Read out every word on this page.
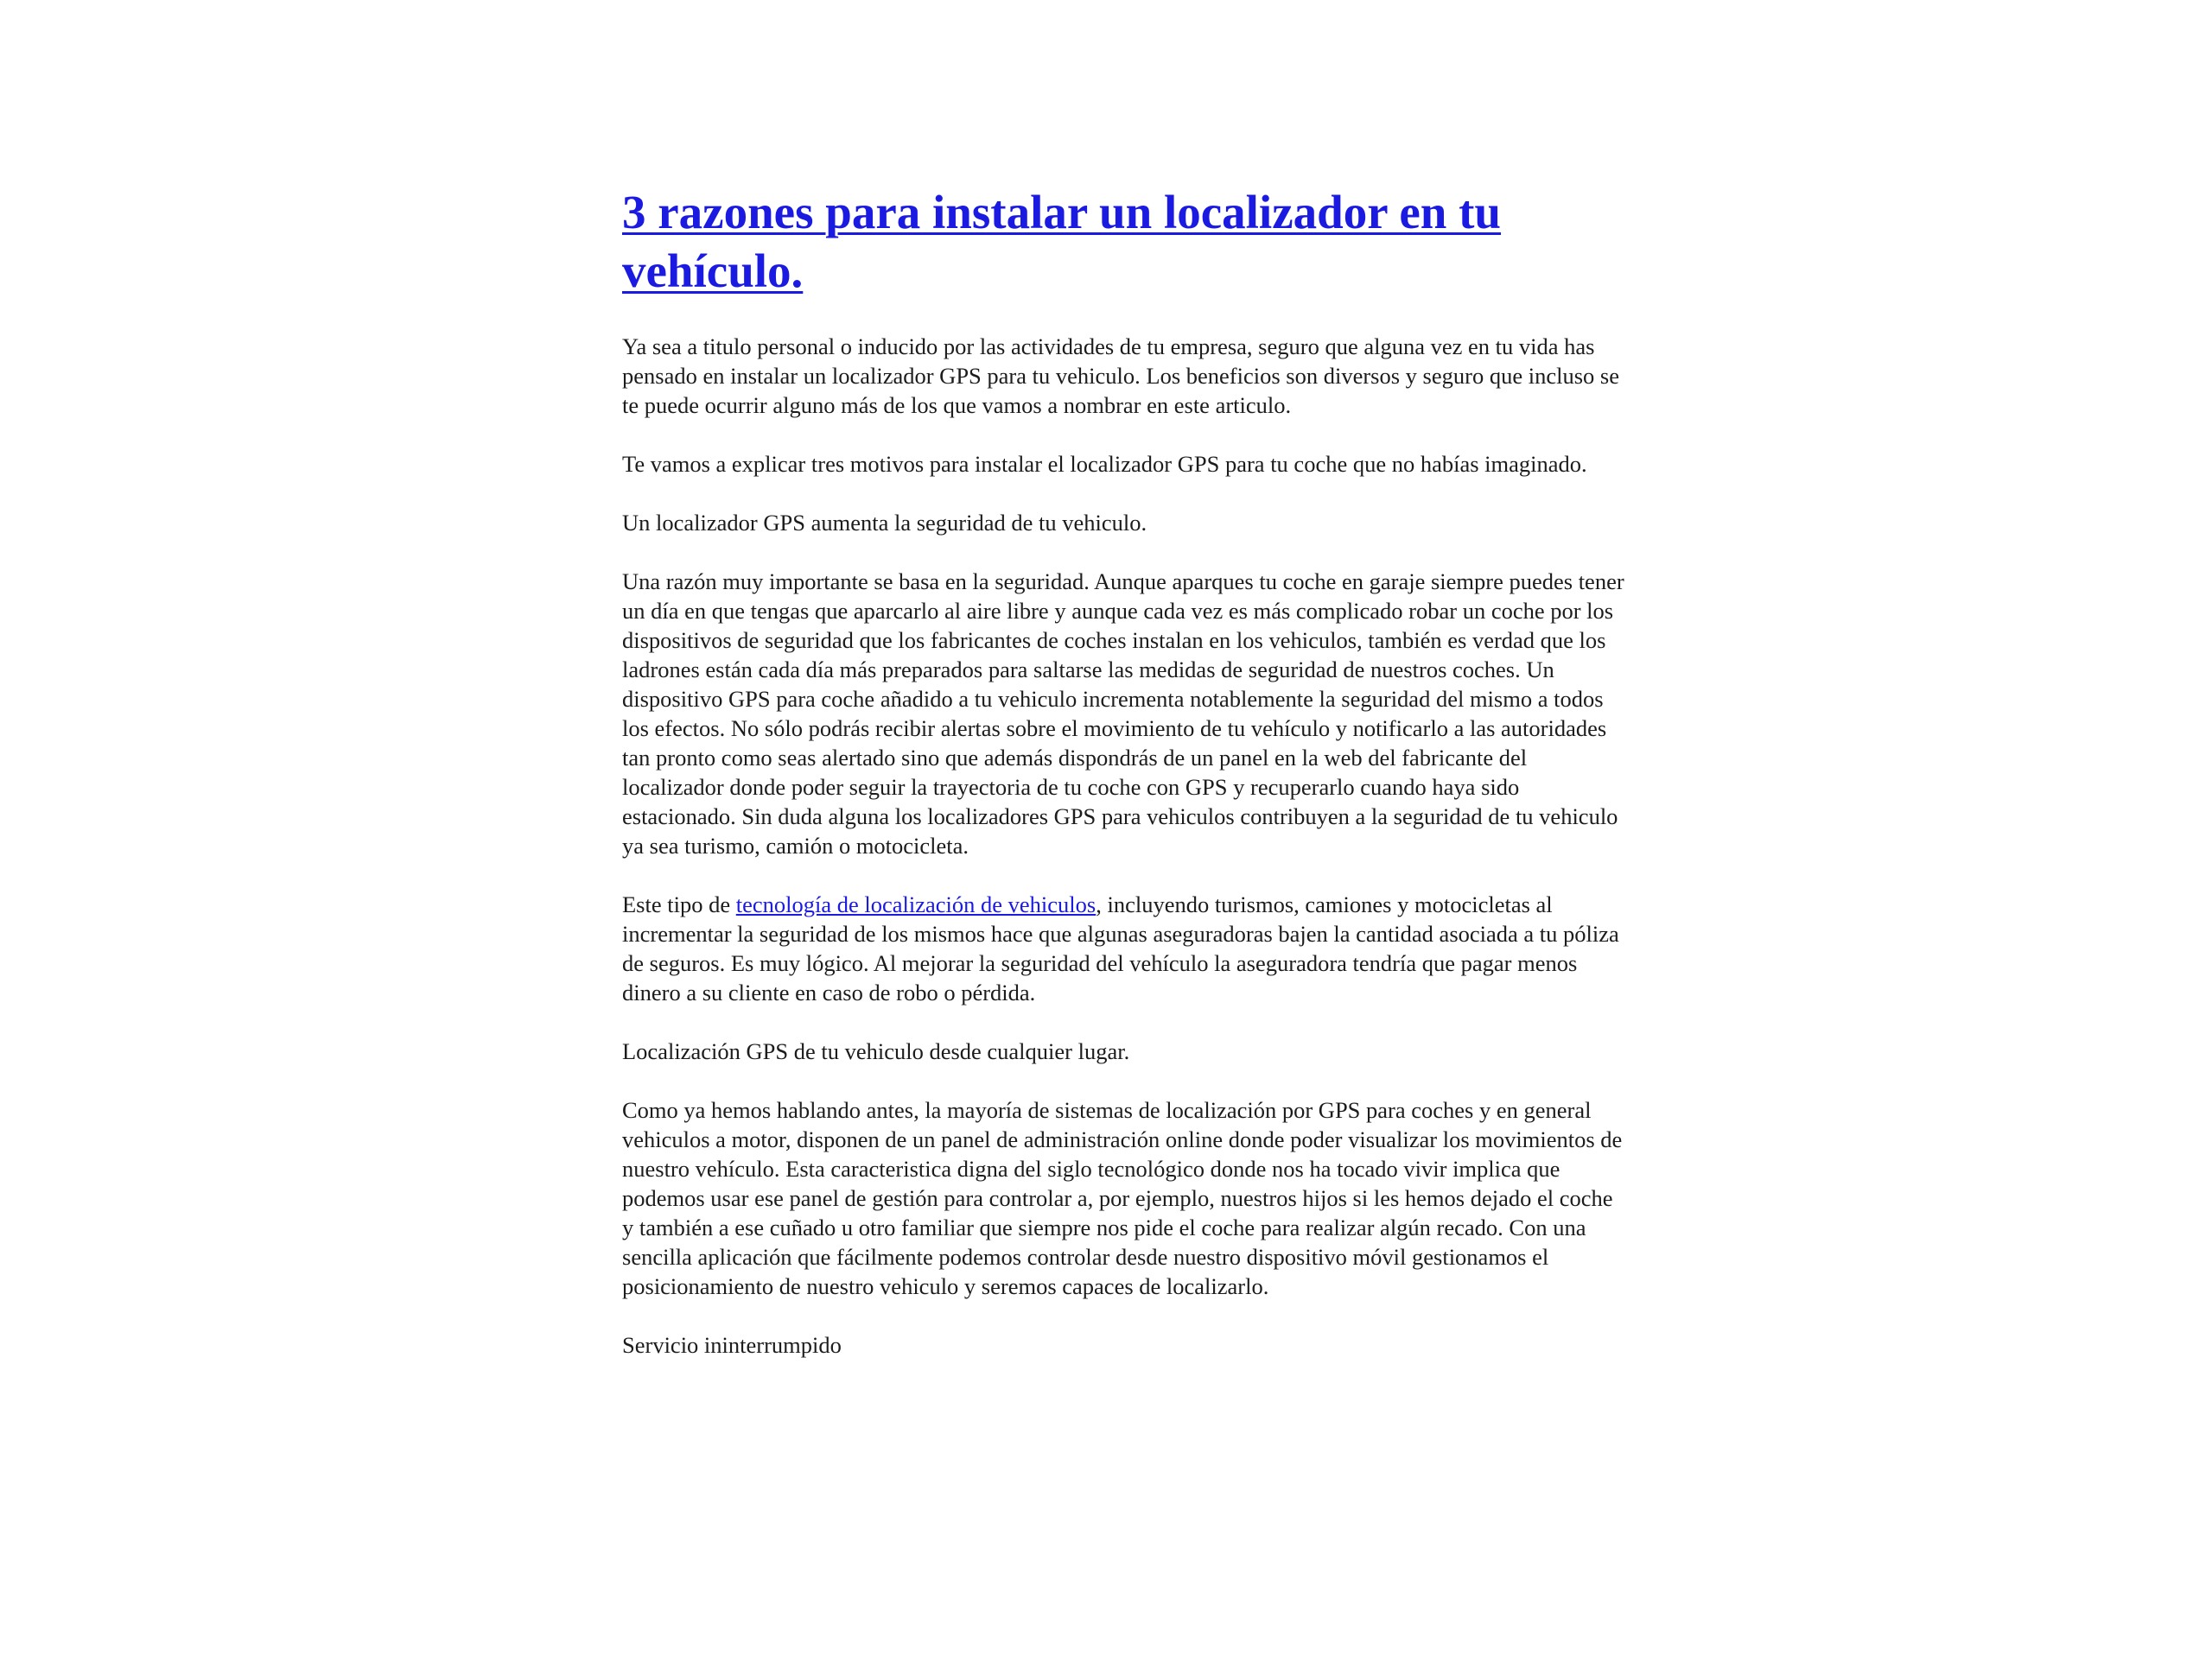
3 razones para instalar un localizador en tu vehículo.

Ya sea a titulo personal o inducido por las actividades de tu empresa, seguro que alguna vez en tu vida has pensado en instalar un localizador GPS para tu vehiculo. Los beneficios son diversos y seguro que incluso se te puede ocurrir alguno más de los que vamos a nombrar en este articulo.

Te vamos a explicar tres motivos para instalar el localizador GPS para tu coche que no habías imaginado.

Un localizador GPS aumenta la seguridad de tu vehiculo.

Una razón muy importante se basa en la seguridad. Aunque aparques tu coche en garaje siempre puedes tener un día en que tengas que aparcarlo al aire libre y aunque cada vez es más complicado robar un coche por los dispositivos de seguridad que los fabricantes de coches instalan en los vehiculos, también es verdad que los ladrones están cada día más preparados para saltarse las medidas de seguridad de nuestros coches. Un dispositivo GPS para coche añadido a tu vehiculo incrementa notablemente la seguridad del mismo a todos los efectos. No sólo podrás recibir alertas sobre el movimiento de tu vehículo y notificarlo a las autoridades tan pronto como seas alertado sino que además dispondrás de un panel en la web del fabricante del localizador donde poder seguir la trayectoria de tu coche con GPS y recuperarlo cuando haya sido estacionado. Sin duda alguna los localizadores GPS para vehiculos contribuyen a la seguridad de tu vehiculo ya sea turismo, camión o motocicleta.

Este tipo de tecnología de localización de vehiculos, incluyendo turismos, camiones y motocicletas al incrementar la seguridad de los mismos hace que algunas aseguradoras bajen la cantidad asociada a tu póliza de seguros. Es muy lógico. Al mejorar la seguridad del vehículo la aseguradora tendría que pagar menos dinero a su cliente en caso de robo o pérdida.

Localización GPS de tu vehiculo desde cualquier lugar.

Como ya hemos hablando antes, la mayoría de sistemas de localización por GPS para coches y en general vehiculos a motor, disponen de un panel de administración online donde poder visualizar los movimientos de nuestro vehículo. Esta caracteristica digna del siglo tecnológico donde nos ha tocado vivir implica que podemos usar ese panel de gestión para controlar a, por ejemplo, nuestros hijos si les hemos dejado el coche y también a ese cuñado u otro familiar que siempre nos pide el coche para realizar algún recado. Con una sencilla aplicación que fácilmente podemos controlar desde nuestro dispositivo móvil gestionamos el posicionamiento de nuestro vehiculo y seremos capaces de localizarlo.

Servicio ininterrumpido
